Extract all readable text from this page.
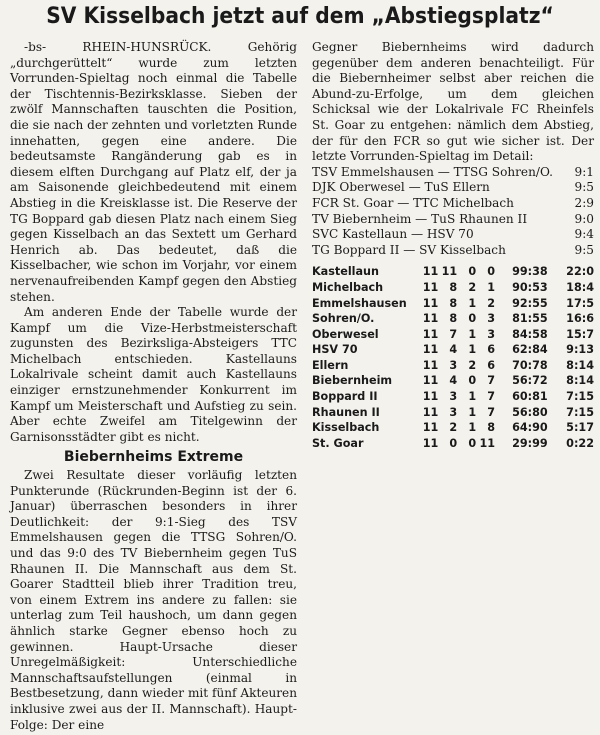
SV Kisselbach jetzt auf dem „Abstiegsplatz“

-bs- RHEIN-HUNSRÜCK. Gehörig „durchgerüttelt“ wurde zum letzten Vorrunden-Spieltag noch einmal die Tabelle der Tischtennis-Bezirksklasse. Sieben der zwölf Mannschaften tauschten die Position, die sie nach der zehnten und vorletzten Runde innehatten, gegen eine andere. Die bedeutsamste Rangänderung gab es in diesem elften Durchgang auf Platz elf, der ja am Saisonende gleichbedeutend mit einem Abstieg in die Kreisklasse ist. Die Reserve der TG Boppard gab diesen Platz nach einem Sieg gegen Kisselbach an das Sextett um Gerhard Henrich ab. Das bedeutet, daß die Kisselbacher, wie schon im Vorjahr, vor einem nervenaufreibenden Kampf gegen den Abstieg stehen.

Am anderen Ende der Tabelle wurde der Kampf um die Vize-Herbstmeisterschaft zugunsten des Bezirksliga-Absteigers TTC Michelbach entschieden. Kastellauns Lokalrivale scheint damit auch Kastellauns einziger ernstzunehmender Konkurrent im Kampf um Meisterschaft und Aufstieg zu sein. Aber echte Zweifel am Titelgewinn der Garnisonsstädter gibt es nicht.

Biebernheims Extreme

Zwei Resultate dieser vorläufig letzten Punkterunde (Rückrunden-Beginn ist der 6. Januar) überraschen besonders in ihrer Deutlichkeit: der 9:1-Sieg des TSV Emmelshausen gegen die TTSG Sohren/O. und das 9:0 des TV Biebernheim gegen TuS Rhaunen II. Die Mannschaft aus dem St. Goarer Stadtteil blieb ihrer Tradition treu, von einem Extrem ins andere zu fallen: sie unterlag zum Teil haushoch, um dann gegen ähnlich starke Gegner ebenso hoch zu gewinnen. Haupt-Ursache dieser Unregelmäßigkeit: Unterschiedliche Mannschaftsaufstellungen (einmal in Bestbesetzung, dann wieder mit fünf Akteuren inklusive zwei aus der II. Mannschaft). Haupt-Folge: Der eine

Gegner Biebernheims wird dadurch gegenüber dem anderen benachteiligt. Für die Biebernheimer selbst aber reichen die Abund-zu-Erfolge, um dem gleichen Schicksal wie der Lokalrivale FC Rheinfels St. Goar zu entgehen: nämlich dem Abstieg, der für den FCR so gut wie sicher ist. Der letzte Vorrunden-Spieltag im Detail:

TSV Emmelshausen — TTSG Sohren/O.	9:1
DJK Oberwesel — TuS Ellern	9:5
FCR St. Goar — TTC Michelbach	2:9
TV Biebernheim — TuS Rhaunen II	9:0
SVC Kastellaun — HSV 70	9:4
TG Boppard II — SV Kisselbach	9:5
Kastellaun	11	11	0	0	99:38	22:0
Michelbach	11	8	2	1	90:53	18:4
Emmelshausen	11	8	1	2	92:55	17:5
Sohren/O.	11	8	0	3	81:55	16:6
Oberwesel	11	7	1	3	84:58	15:7
HSV 70	11	4	1	6	62:84	9:13
Ellern	11	3	2	6	70:78	8:14
Biebernheim	11	4	0	7	56:72	8:14
Boppard II	11	3	1	7	60:81	7:15
Rhaunen II	11	3	1	7	56:80	7:15
Kisselbach	11	2	1	8	64:90	5:17
St. Goar	11	0	0	11	29:99	0:22
